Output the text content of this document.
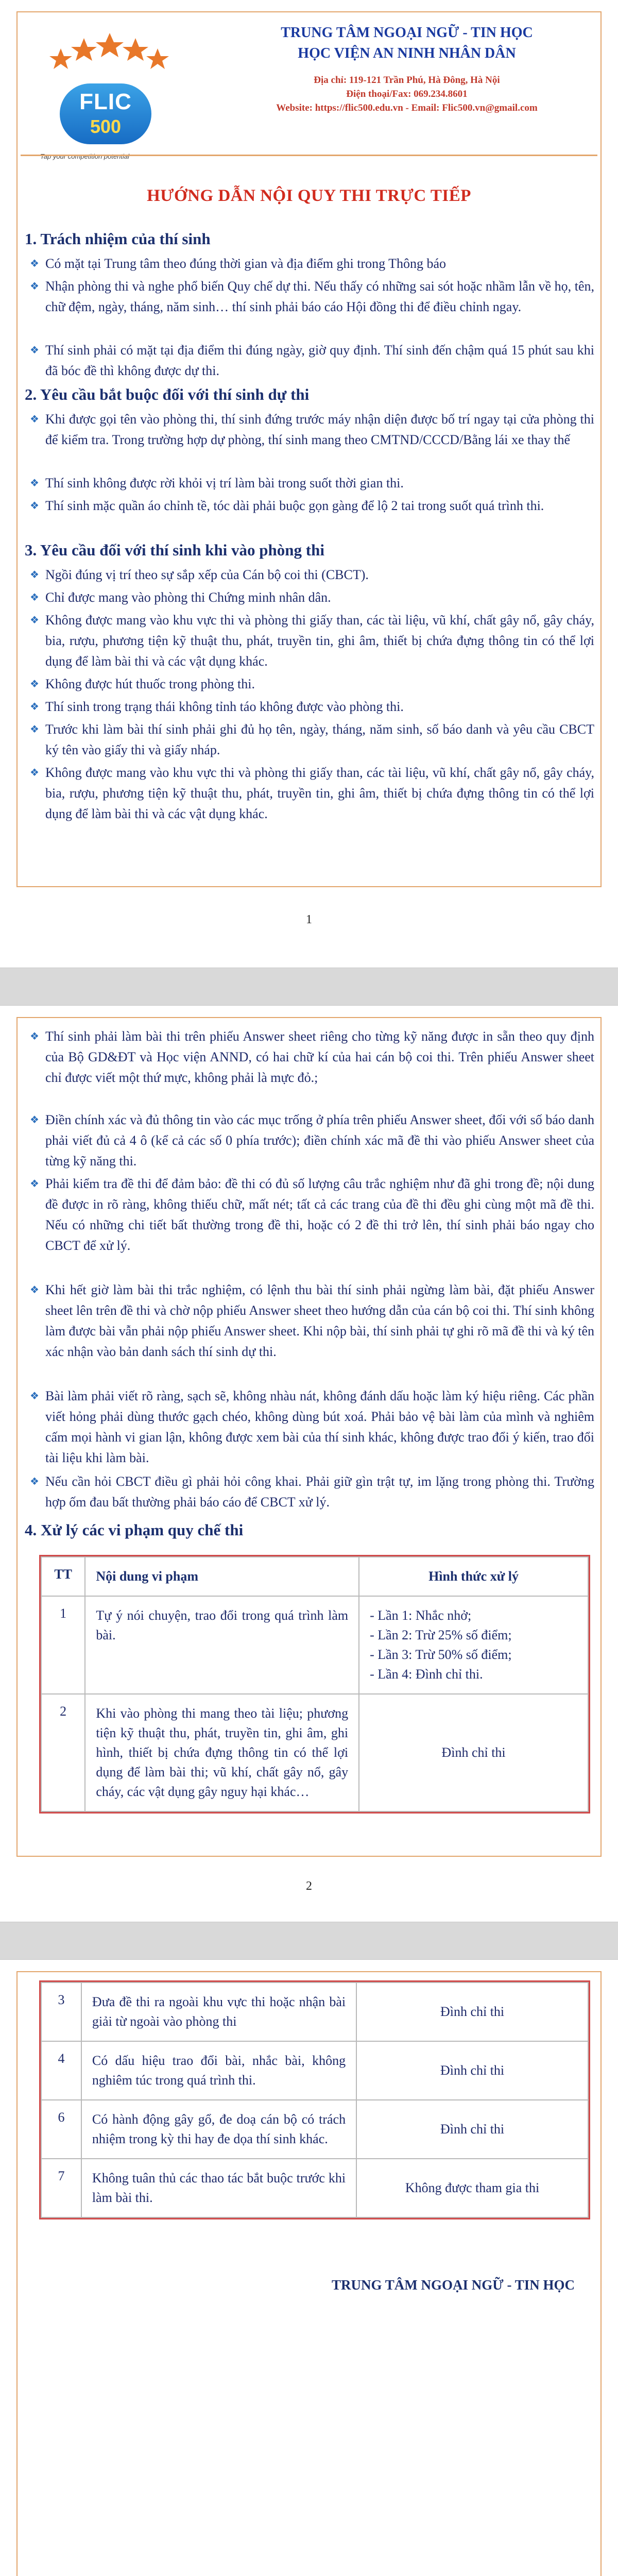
FLIC
500
Tap your competition potential
TRUNG TÂM NGOẠI NGỮ - TIN HỌC
HỌC VIỆN AN NINH NHÂN DÂN
Địa chỉ: 119-121 Trần Phú, Hà Đông, Hà Nội
Điện thoại/Fax: 069.234.8601
Website: https://flic500.edu.vn - Email: Flic500.vn@gmail.com
HƯỚNG DẪN NỘI QUY THI TRỰC TIẾP
1. Trách nhiệm của thí sinh
❖ Có mặt tại Trung tâm theo đúng thời gian và địa điểm ghi trong Thông báo
❖ Nhận phòng thi và nghe phổ biến Quy chế dự thi. Nếu thấy có những sai sót hoặc nhầm lẫn về họ, tên, chữ đệm, ngày, tháng, năm sinh… thí sinh phải báo cáo Hội đồng thi để điều chỉnh ngay.
❖ Thí sinh phải có mặt tại địa điểm thi đúng ngày, giờ quy định. Thí sinh đến chậm quá 15 phút sau khi đã bóc đề thì không được dự thi.
2. Yêu cầu bắt buộc đối với thí sinh dự thi
❖ Khi được gọi tên vào phòng thi, thí sinh đứng trước máy nhận diện được bố trí ngay tại cửa phòng thi để kiểm tra. Trong trường hợp dự phòng, thí sinh mang theo CMTND/CCCD/Bằng lái xe thay thế
❖ Thí sinh không được rời khỏi vị trí làm bài trong suốt thời gian thi.
❖ Thí sinh mặc quần áo chỉnh tề, tóc dài phải buộc gọn gàng để lộ 2 tai trong suốt quá trình thi.
3. Yêu cầu đối với thí sinh khi vào phòng thi
❖ Ngồi đúng vị trí theo sự sắp xếp của Cán bộ coi thi (CBCT).
❖ Chỉ được mang vào phòng thi Chứng minh nhân dân.
❖ Không được mang vào khu vực thi và phòng thi giấy than, các tài liệu, vũ khí, chất gây nổ, gây cháy, bia, rượu, phương tiện kỹ thuật thu, phát, truyền tin, ghi âm, thiết bị chứa đựng thông tin có thể lợi dụng để làm bài thi và các vật dụng khác.
❖ Không được hút thuốc trong phòng thi.
❖ Thí sinh trong trạng thái không tỉnh táo không được vào phòng thi.
❖ Trước khi làm bài thí sinh phải ghi đủ họ tên, ngày, tháng, năm sinh, số báo danh và yêu cầu CBCT ký tên vào giấy thi và giấy nháp.
❖ Không được mang vào khu vực thi và phòng thi giấy than, các tài liệu, vũ khí, chất gây nổ, gây cháy, bia, rượu, phương tiện kỹ thuật thu, phát, truyền tin, ghi âm, thiết bị chứa đựng thông tin có thể lợi dụng để làm bài thi và các vật dụng khác.
1
❖ Thí sinh phải làm bài thi trên phiếu Answer sheet riêng cho từng kỹ năng được in sẵn theo quy định của Bộ GD&ĐT và Học viện ANND, có hai chữ kí của hai cán bộ coi thi. Trên phiếu Answer sheet chỉ được viết một thứ mực, không phải là mực đỏ.;
❖ Điền chính xác và đủ thông tin vào các mục trống ở phía trên phiếu Answer sheet, đối với số báo danh phải viết đủ cả 4 ô (kể cả các số 0 phía trước); điền chính xác mã đề thi vào phiếu Answer sheet của từng kỹ năng thi.
❖ Phải kiểm tra đề thi để đảm bảo: đề thi có đủ số lượng câu trắc nghiệm như đã ghi trong đề; nội dung đề được in rõ ràng, không thiếu chữ, mất nét; tất cả các trang của đề thi đều ghi cùng một mã đề thi. Nếu có những chi tiết bất thường trong đề thi, hoặc có 2 đề thi trở lên, thí sinh phải báo ngay cho CBCT để xử lý.
❖ Khi hết giờ làm bài thi trắc nghiệm, có lệnh thu bài thí sinh phải ngừng làm bài, đặt phiếu Answer sheet lên trên đề thi và chờ nộp phiếu Answer sheet theo hướng dẫn của cán bộ coi thi. Thí sinh không làm được bài vẫn phải nộp phiếu Answer sheet. Khi nộp bài, thí sinh phải tự ghi rõ mã đề thi và ký tên xác nhận vào bản danh sách thí sinh dự thi.
❖ Bài làm phải viết rõ ràng, sạch sẽ, không nhàu nát, không đánh dấu hoặc làm ký hiệu riêng. Các phần viết hỏng phải dùng thước gạch chéo, không dùng bút xoá. Phải bảo vệ bài làm của mình và nghiêm cấm mọi hành vi gian lận, không được xem bài của thí sinh khác, không được trao đổi ý kiến, trao đổi tài liệu khi làm bài.
❖ Nếu cần hỏi CBCT điều gì phải hỏi công khai. Phải giữ gìn trật tự, im lặng trong phòng thi. Trường hợp ốm đau bất thường phải báo cáo để CBCT xử lý.
4. Xử lý các vi phạm quy chế thi
TT	Nội dung vi phạm	Hình thức xử lý
1	Tự ý nói chuyện, trao đổi trong quá trình làm bài.	- Lần 1: Nhắc nhở;
- Lần 2: Trừ 25% số điểm;
- Lần 3: Trừ 50% số điểm;
- Lần 4: Đình chỉ thi.

2	Khi vào phòng thi mang theo tài liệu; phương tiện kỹ thuật thu, phát, truyền tin, ghi âm, ghi hình, thiết bị chứa đựng thông tin có thể lợi dụng để làm bài thi; vũ khí, chất gây nổ, gây cháy, các vật dụng gây nguy hại khác…	Đình chỉ thi
2
3	Đưa đề thi ra ngoài khu vực thi hoặc nhận bài giải từ ngoài vào phòng thi	Đình chỉ thi
4	Có dấu hiệu trao đổi bài, nhắc bài, không nghiêm túc trong quá trình thi.	Đình chỉ thi
6	Có hành động gây gổ, đe doạ cán bộ có trách nhiệm trong kỳ thi hay đe dọa thí sinh khác.	Đình chỉ thi
7	Không tuân thủ các thao tác bắt buộc trước khi làm bài thi.	Không được tham gia thi
TRUNG TÂM NGOẠI NGỮ - TIN HỌC
